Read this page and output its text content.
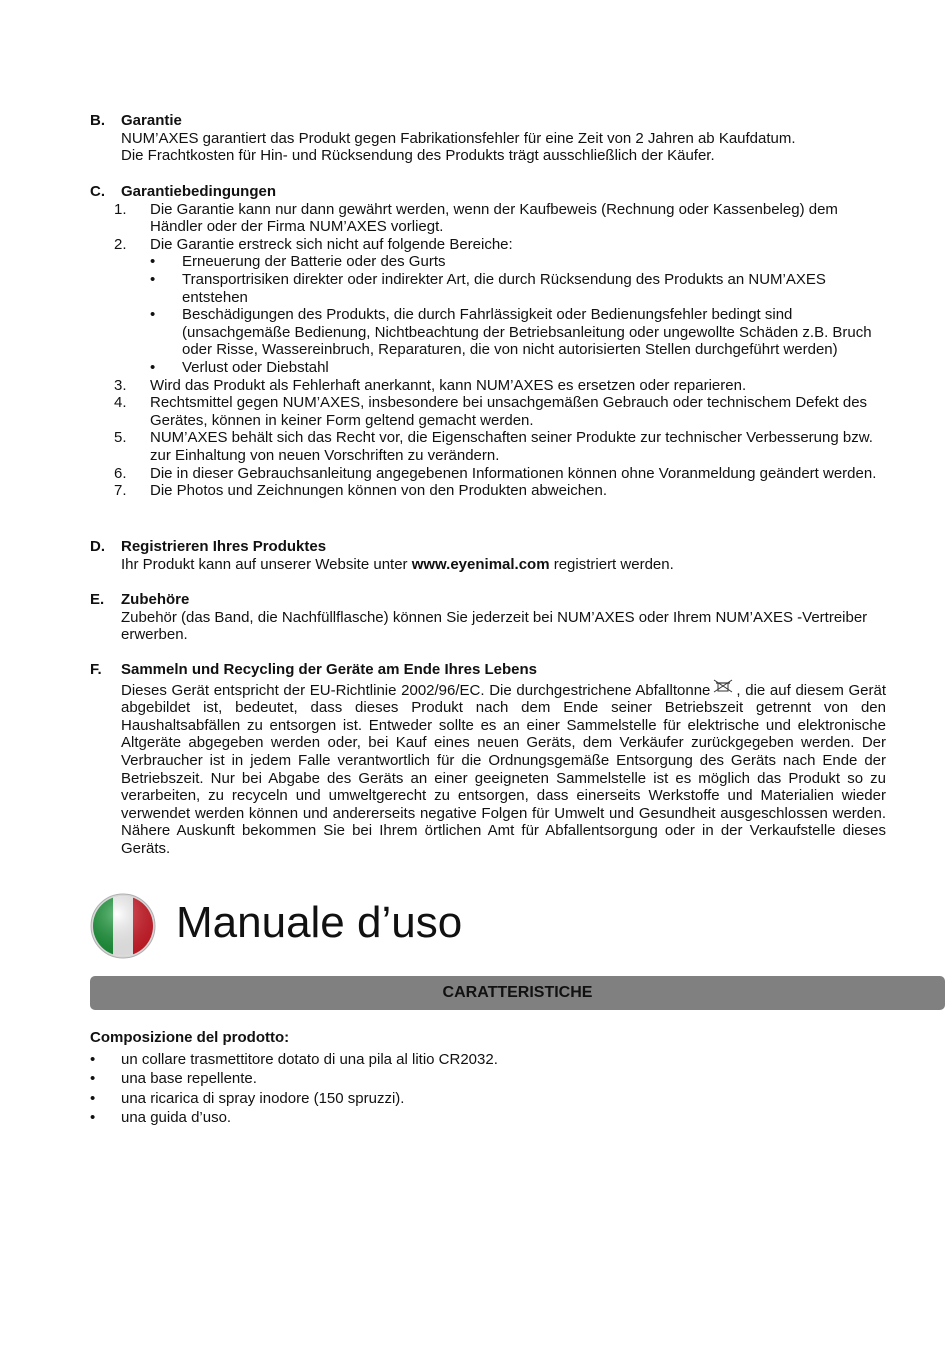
B. Garantie
NUM’AXES garantiert das Produkt gegen Fabrikationsfehler für eine Zeit von 2 Jahren ab Kaufdatum.
Die Frachtkosten für Hin- und Rücksendung des Produkts trägt ausschließlich der Käufer.
C. Garantiebedingungen
1. Die Garantie kann nur dann gewährt werden, wenn der Kaufbeweis (Rechnung oder Kassenbeleg) dem Händler oder der Firma NUM’AXES vorliegt.
2. Die Garantie erstreck sich nicht auf folgende Bereiche:
• Erneuerung der Batterie oder des Gurts
• Transportrisiken direkter oder indirekter Art, die durch Rücksendung des Produkts an NUM’AXES entstehen
• Beschädigungen des Produkts, die durch Fahrlässigkeit oder Bedienungsfehler bedingt sind (unsachgemäße Bedienung, Nichtbeachtung der Betriebsanleitung oder ungewollte Schäden z.B. Bruch oder Risse, Wassereinbruch, Reparaturen, die von nicht autorisierten Stellen durchgeführt werden)
• Verlust oder Diebstahl
3. Wird das Produkt als Fehlerhaft anerkannt, kann NUM’AXES es ersetzen oder reparieren.
4. Rechtsmittel gegen NUM’AXES, insbesondere bei unsachgemäßen Gebrauch oder technischem Defekt des Gerätes, können in keiner Form geltend gemacht werden.
5. NUM’AXES behält sich das Recht vor, die Eigenschaften seiner Produkte zur technischer Verbesserung bzw. zur Einhaltung von neuen Vorschriften zu verändern.
6. Die in dieser Gebrauchsanleitung angegebenen Informationen können ohne Voranmeldung geändert werden.
7. Die Photos und Zeichnungen können von den Produkten abweichen.
D. Registrieren Ihres Produktes
Ihr Produkt kann auf unserer Website unter www.eyenimal.com registriert werden.
E. Zubehöre
Zubehör (das Band, die Nachfüllflasche) können Sie jederzeit bei NUM’AXES oder Ihrem NUM’AXES -Vertreiber erwerben.
F. Sammeln und Recycling der Geräte am Ende Ihres Lebens
Dieses Gerät entspricht der EU-Richtlinie 2002/96/EC. Die durchgestrichene Abfalltonne , die auf diesem Gerät abgebildet ist, bedeutet, dass dieses Produkt nach dem Ende seiner Betriebszeit getrennt von den Haushaltsabfällen zu entsorgen ist. Entweder sollte es an einer Sammelstelle für elektrische und elektronische Altgeräte abgegeben werden oder, bei Kauf eines neuen Geräts, dem Verkäufer zurückgegeben werden. Der Verbraucher ist in jedem Falle verantwortlich für die Ordnungsgemäße Entsorgung des Geräts nach Ende der Betriebszeit. Nur bei Abgabe des Geräts an einer geeigneten Sammelstelle ist es möglich das Produkt so zu verarbeiten, zu recyceln und umweltgerecht zu entsorgen, dass einerseits Werkstoffe und Materialien wieder verwendet werden können und andererseits negative Folgen für Umwelt und Gesundheit ausgeschlossen werden. Nähere Auskunft bekommen Sie bei Ihrem örtlichen Amt für Abfallentsorgung oder in der Verkaufstelle dieses Geräts.
Manuale d’uso
CARATTERISTICHE
Composizione del prodotto:
• un collare trasmettitore dotato di una pila al litio CR2032.
• una base repellente.
• una ricarica di spray inodore (150 spruzzi).
• una guida d’uso.
